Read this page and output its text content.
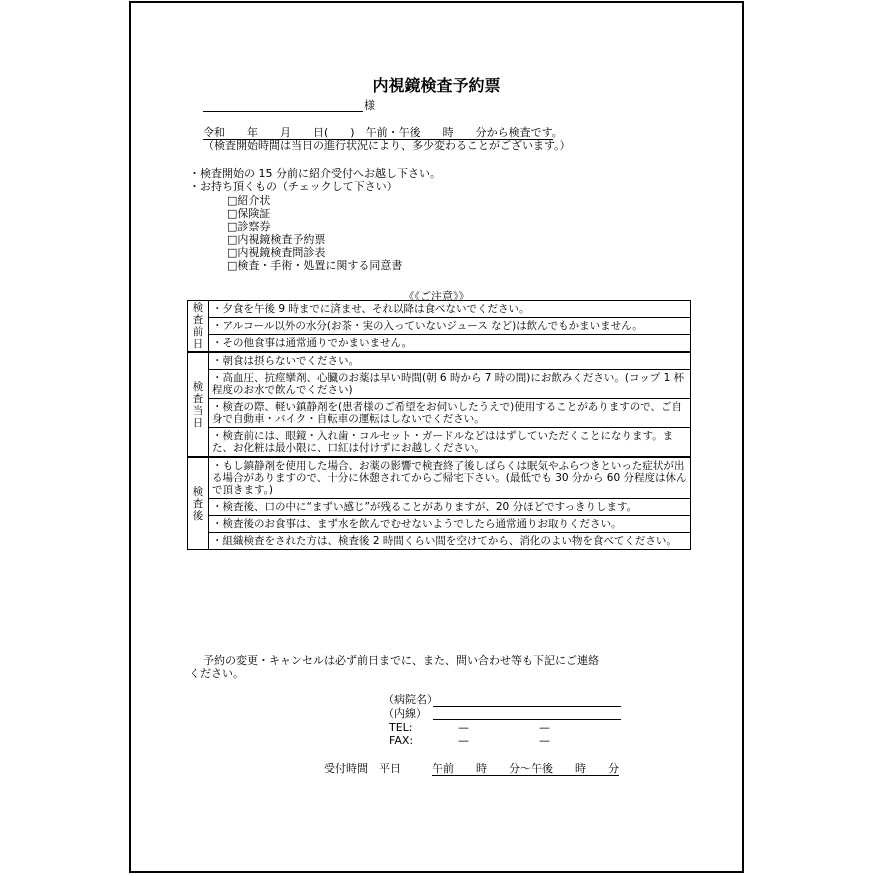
内視鏡検査予約票
様
令和　　年　　月　　日(　　)　午前・午後　　時　　分から検査です。
（検査開始時間は当日の進行状況により、多少変わることがございます。）
・検査開始の 15 分前に紹介受付へお越し下さい。
・お持ち頂くもの（チェックして下さい）
□紹介状
□保険証
□診察券
□内視鏡検査予約票
□内視鏡検査問診表
□検査・手術・処置に関する同意書
《《ご注意》》
検査前日	・夕食を午後 9 時までに済ませ、それ以降は食べないでください。
	・アルコール以外の水分(お茶・実の入っていないジュース など)は飲んでもかまいません。
	・その他食事は通常通りでかまいません。

検査当日	・朝食は摂らないでください。
	・高血圧、抗痙攣剤、心臓のお薬は早い時間(朝 6 時から 7 時の間)にお飲みください。(コップ 1 杯程度のお水で飲んでください)
	・検査の際、軽い鎮静剤を(患者様のご希望をお伺いしたうえで)使用することがありますので、ご自身で自動車・バイク・自転車の運転はしないでください。
	・検査前には、眼鏡・入れ歯・コルセット・ガードルなどははずしていただくことになります。また、お化粧は最小限に、口紅は付けずにお越しください。

検査後	・もし鎮静剤を使用した場合、お薬の影響で検査終了後しばらくは眠気やふらつきといった症状が出る場合がありますので、十分に休憩されてからご帰宅下さい。(最低でも 30 分から 60 分程度は休んで頂きます。)
	・検査後、口の中に“まずい感じ”が残ることがありますが、20 分ほどですっきりします。
	・検査後のお食事は、まず水を飲んでむせないようでしたら通常通りお取りください。
	・組織検査をされた方は、検査後 2 時間くらい間を空けてから、消化のよい物を食べてください。
予約の変更・キャンセルは必ず前日までに、また、問い合わせ等も下記にご連絡
ください。
（病院名）
（内線）
TEL:	—	—
FAX:	—	—
受付時間　平日	午前　　時　　分～午後　　時　　分
